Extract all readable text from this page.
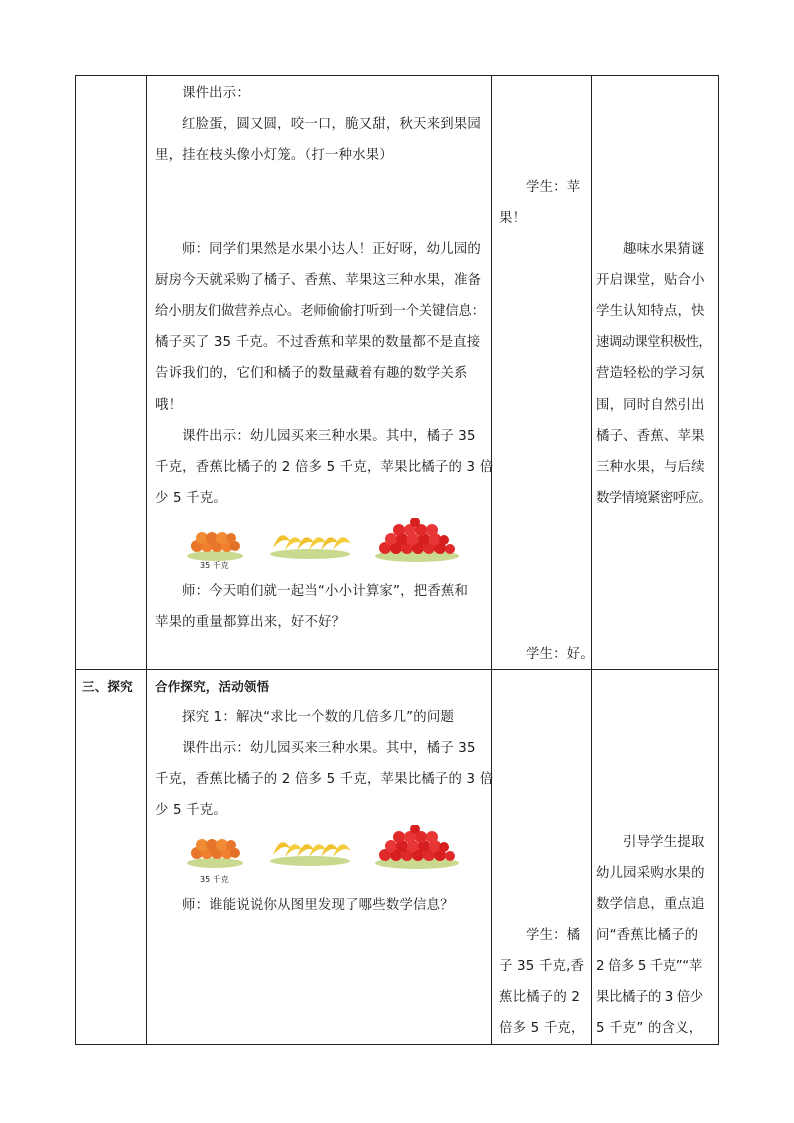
课件出示：
红脸蛋，圆又圆，咬一口，脆又甜，秋天来到果园
里，挂在枝头像小灯笼。（打一种水果）
师：同学们果然是水果小达人！正好呀，幼儿园的
厨房今天就采购了橘子、香蕉、苹果这三种水果，准备
给小朋友们做营养点心。老师偷偷打听到一个关键信息：
橘子买了 35 千克。不过香蕉和苹果的数量都不是直接
告诉我们的，它们和橘子的数量藏着有趣的数学关系
哦！
课件出示：幼儿园买来三种水果。其中，橘子 35
千克，香蕉比橘子的 2 倍多 5 千克，苹果比橘子的 3 倍
少 5 千克。
35 千克
师：今天咱们就一起当“小小计算家”，把香蕉和
苹果的重量都算出来，好不好？
学生：苹
果！
学生：好。
趣味水果猜谜
开启课堂，贴合小
学生认知特点，快
速调动课堂积极性，
营造轻松的学习氛
围，同时自然引出
橘子、香蕉、苹果
三种水果，与后续
数学情境紧密呼应。
三、探究 合作探究，活动领悟
探究 1：解决“求比一个数的几倍多几”的问题
课件出示：幼儿园买来三种水果。其中，橘子 35
千克，香蕉比橘子的 2 倍多 5 千克，苹果比橘子的 3 倍
少 5 千克。
35 千克
师：谁能说说你从图里发现了哪些数学信息？
学生：橘
子 35 千克,香
蕉比橘子的 2
倍多 5 千克，
引导学生提取
幼儿园采购水果的
数学信息，重点追
问“香蕉比橘子的
2 倍多 5 千克”“苹
果比橘子的 3 倍少
5 千克” 的含义，
